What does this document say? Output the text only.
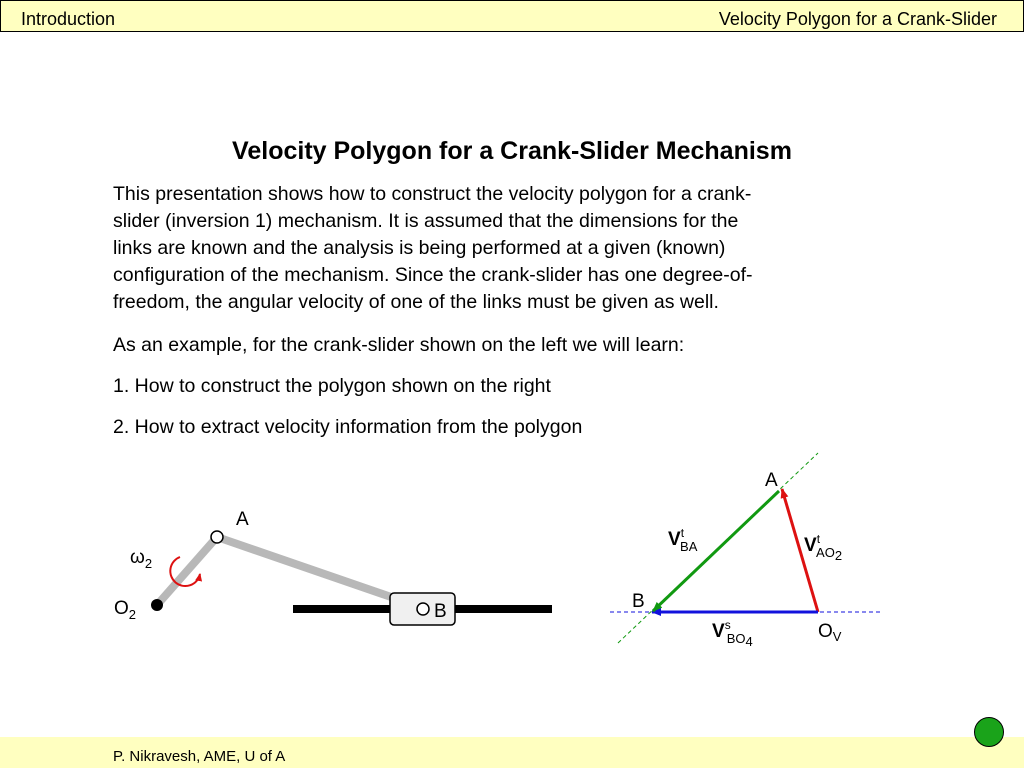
Introduction	Velocity Polygon for a Crank-Slider
Velocity Polygon for a Crank-Slider Mechanism
This presentation shows how to construct the velocity polygon for a crank-
slider (inversion 1) mechanism. It is assumed that the dimensions for the
links are known and the analysis is being performed at a given (known)
configuration of the mechanism. Since the crank-slider has one degree-of-
freedom, the angular velocity of one of the links must be given as well.
As an example, for the crank-slider shown on the left we will learn:
1. How to construct the polygon shown on the right
2. How to extract velocity information from the polygon
A
B
$\omega_2$
$O_2$
A
B
$O_V$
$V^t$ BA	$V^t$ AO2
$V^s$ BO4
P. Nikravesh, AME, U of A
